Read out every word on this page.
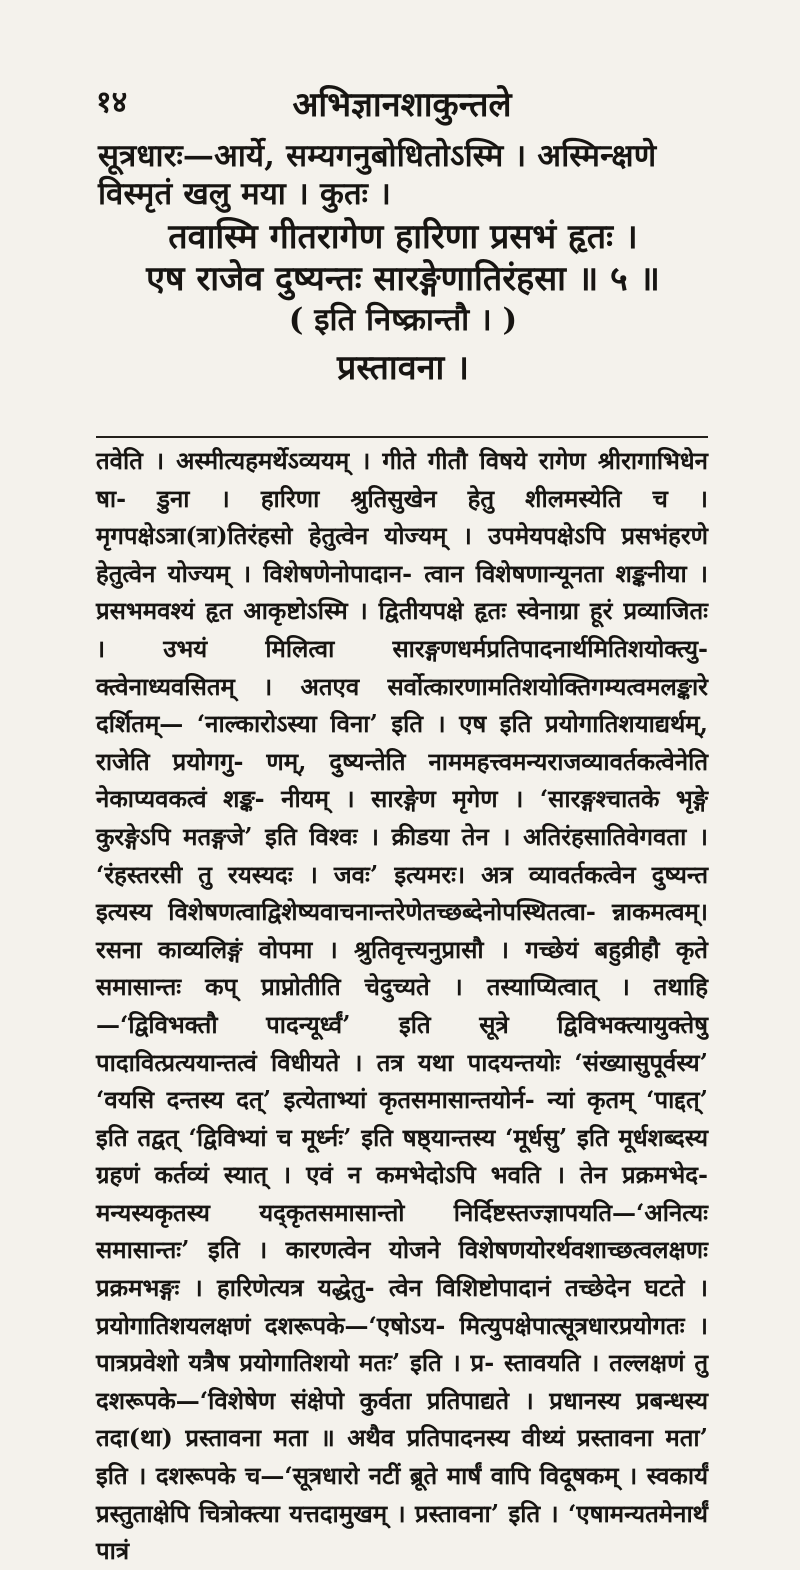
१४	अभिज्ञानशाकुन्तले
सूत्रधारः—आर्ये, सम्यगनुबोधितोऽस्मि । अस्मिन्क्षणे विस्मृतं खलु मया । कुतः ।
तवास्मि गीतरागेण हारिणा प्रसभं हृतः ।
एष राजेव दुष्यन्तः सारङ्गेणातिरंहसा ॥ ५ ॥
( इति निष्क्रान्तौ । )
प्रस्तावना ।

तवेति । अस्मीत्यहमर्थेऽव्ययम् । गीते गीतौ विषये रागेण श्रीरागाभिधेन षा- डुना । हारिणा श्रुतिसुखेन हेतु शीलमस्येति च । मृगपक्षेऽत्रा(त्रा)तिरंहसो हेतुत्वेन योज्यम् । उपमेयपक्षेऽपि प्रसभंहरणे हेतुत्वेन योज्यम् । विशेषणेनोपादान- त्वान विशेषणान्यूनता शङ्कनीया । प्रसभमवश्यं हृत आकृष्टोऽस्मि । द्वितीयपक्षे हृतः स्वेनाग्रा हूरं प्रव्याजितः । उभयं मिलित्वा सारङ्गणधर्मप्रतिपादनार्थमितिशयोक्त्यु- क्त्वेनाध्यवसितम् । अतएव सर्वोत्कारणामतिशयोक्तिगम्यत्वमलङ्कारे दर्शितम्— ‘नाल्कारोऽस्या विना’ इति । एष इति प्रयोगातिशयाद्यर्थम्, राजेति प्रयोगगु- णम्, दुष्यन्तेति नाममहत्त्वमन्यराजव्यावर्तकत्वेनेति नेकाप्यवकत्वं शङ्क- नीयम् । सारङ्गेण मृगेण । ‘सारङ्गश्चातके भृङ्गे कुरङ्गेऽपि मतङ्गजे’ इति विश्वः । क्रीडया तेन । अतिरंहसातिवेगवता । ‘रंहस्तरसी तु रयस्यदः । जवः’ इत्यमरः। अत्र व्यावर्तकत्वेन दुष्यन्त इत्यस्य विशेषणत्वाद्विशेष्यवाचनान्तरेणेतच्छब्देनोपस्थितत्वा- न्नाकमत्वम्। रसना काव्यलिङ्गं वोपमा । श्रुतिवृत्त्यनुप्रासौ । गच्छेयं बहुव्रीहौ कृते समासान्तः कप् प्राप्नोतीति चेदुच्यते । तस्याप्यित्वात् । तथाहि—‘द्विविभक्तौ पादन्यूर्ध्वं’ इति सूत्रे द्विविभक्त्यायुक्तेषु पादावित्प्रत्ययान्तत्वं विधीयते । तत्र यथा पादयन्तयोः ‘संख्यासुपूर्वस्य’ ‘वयसि दन्तस्य दत्’ इत्येताभ्यां कृतसमासान्तयोर्न- न्यां कृतम् ‘पाद्दत्’ इति तद्वत् ‘द्विविभ्यां च मूर्ध्नः’ इति षष्ठ्यान्तस्य ‘मूर्धसु’ इति मूर्धशब्दस्य ग्रहणं कर्तव्यं स्यात् । एवं न कमभेदोऽपि भवति । तेन प्रक्रमभेद- मन्यस्यकृतस्य यद्कृतसमासान्तो निर्दिष्टस्तज्ज्ञापयति—‘अनित्यः समासान्तः’ इति । कारणत्वेन योजने विशेषणयोरर्थवशाच्छत्वलक्षणः प्रक्रमभङ्गः । हारिणेत्यत्र यद्धेतु- त्वेन विशिष्टोपादानं तच्छेदेन घटते । प्रयोगातिशयलक्षणं दशरूपके—‘एषोऽय- मित्युपक्षेपात्सूत्रधारप्रयोगतः । पात्रप्रवेशो यत्रैष प्रयोगातिशयो मतः’ इति । प्र- स्तावयति । तल्लक्षणं तु दशरूपके—‘विशेषेण संक्षेपो कुर्वता प्रतिपाद्यते । प्रधानस्य प्रबन्धस्य तदा(था) प्रस्तावना मता ॥ अथैव प्रतिपादनस्य वीथ्यं प्रस्तावना मता’ इति । दशरूपके च—‘सूत्रधारो नटीं ब्रूते मार्षं वापि विदूषकम् । स्वकार्यं प्रस्तुताक्षेपि चित्रोक्त्या यत्तदामुखम् । प्रस्तावना’ इति । ‘एषामन्यतमेनार्थं पात्रं
